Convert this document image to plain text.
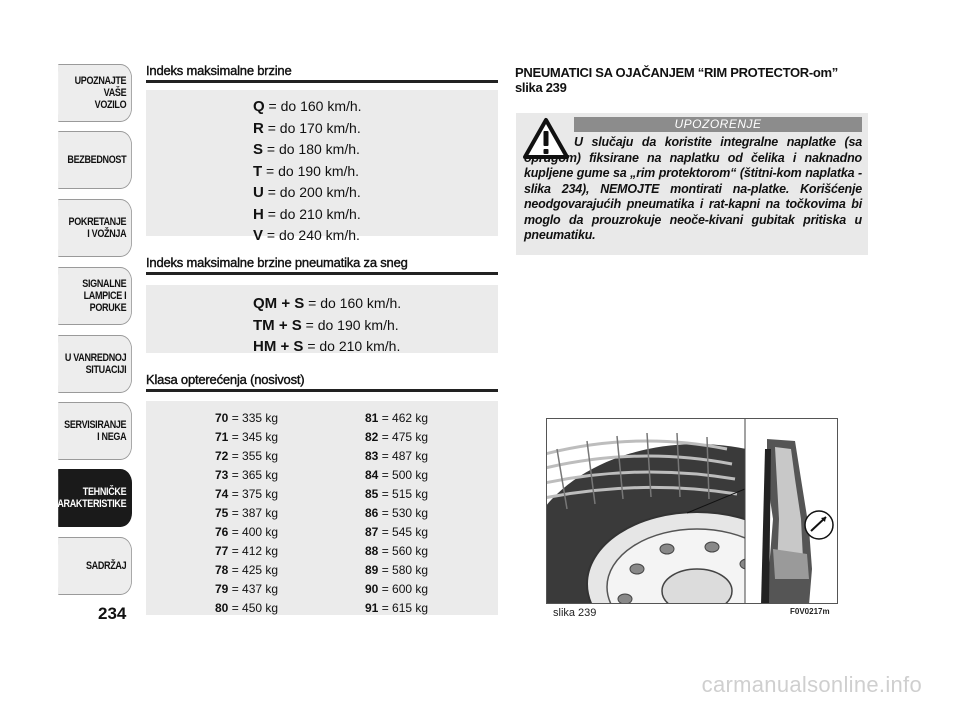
UPOZNAJTE
VAŠE
VOZILO
BEZBEDNOST
POKRETANJE
I VOŽNJA
SIGNALNE
LAMPICE I PORUKE
U VANREDNOJ
SITUACIJI
SERVISIRANJE
I NEGA
TEHNIČKE
KARAKTERISTIKE
SADRŽAJ
234
Indeks maksimalne brzine
Q = do 160 km/h.
R = do 170 km/h.
S = do 180 km/h.
T = do 190 km/h.
U = do 200 km/h.
H = do 210 km/h.
V = do 240 km/h.
Indeks maksimalne brzine pneumatika za sneg
QM + S = do 160 km/h.
TM + S = do 190 km/h.
HM + S = do 210 km/h.
Klasa opterećenja (nosivost)
70 = 335 kg
71 = 345 kg
72 = 355 kg
73 = 365 kg
74 = 375 kg
75 = 387 kg
76 = 400 kg
77 = 412 kg
78 = 425 kg
79 = 437 kg
80 = 450 kg
81 = 462 kg
82 = 475 kg
83 = 487 kg
84 = 500 kg
85 = 515 kg
86 = 530 kg
87 = 545 kg
88 = 560 kg
89 = 580 kg
90 = 600 kg
91 = 615 kg
PNEUMATICI SA OJAČANJEM “RIM PROTECTOR-om”
slika 239
UPOZORENJE
U slučaju da koristite integralne naplatke (sa oprugom) fiksirane na naplatku od čelika i naknadno kupljene gume sa „rim protektorom“ (štitni-kom naplatka - slika 234), NEMOJTE montirati na-platke. Korišćenje neodgovarajućih pneumatika i rat-kapni na točkovima bi moglo da prouzrokuje neoče-kivani gubitak pritiska u pneumatiku.
slika 239	F0V0217m
carmanualsonline.info
